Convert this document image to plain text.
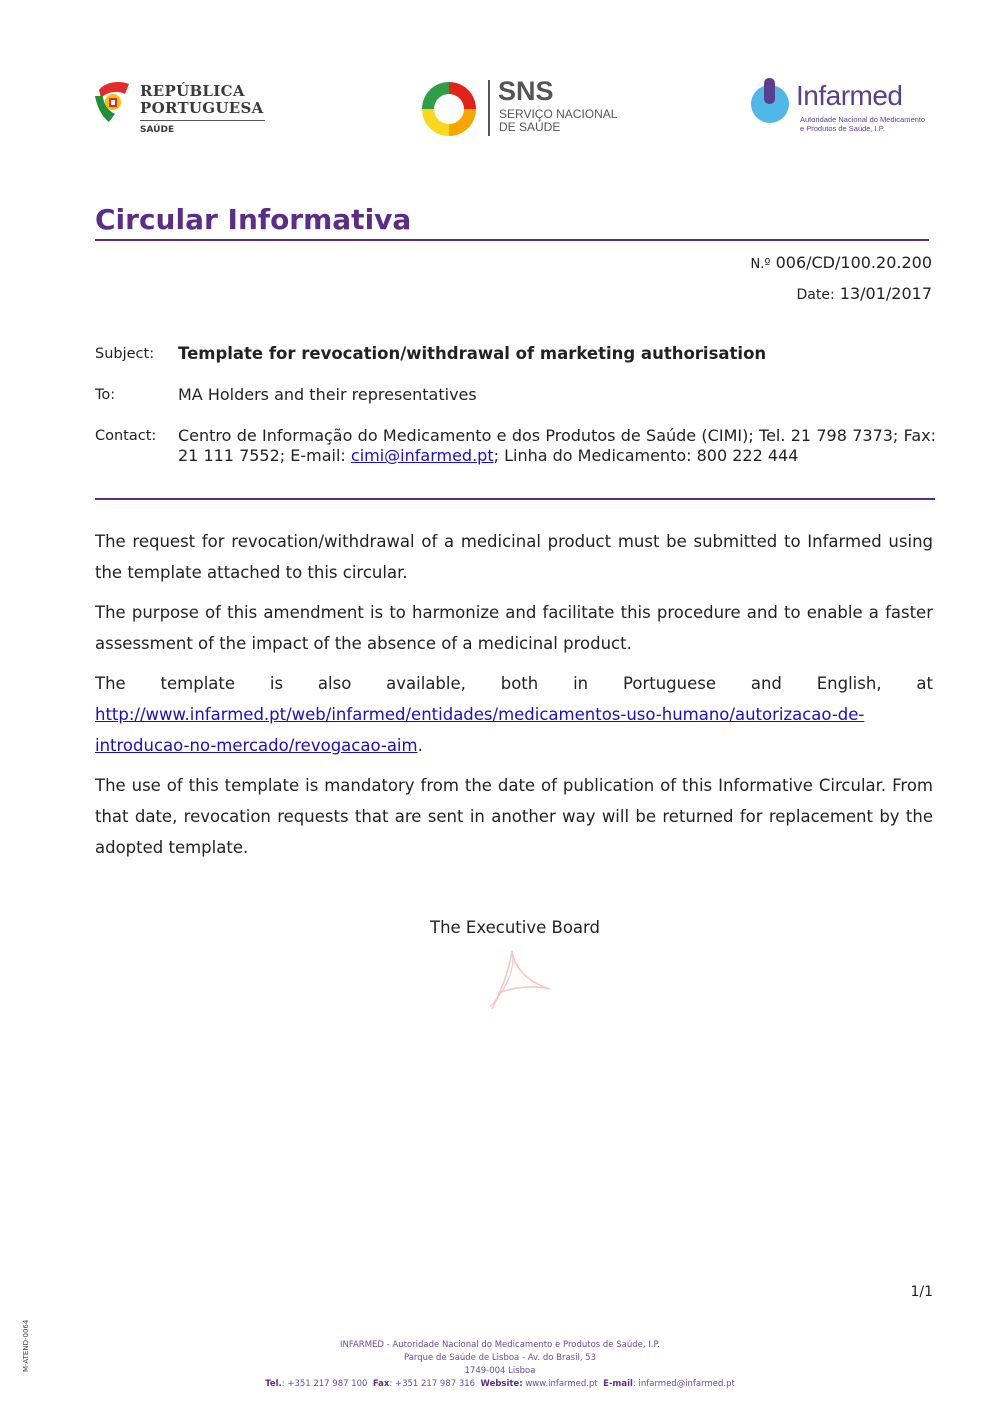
REPÚBLICA
PORTUGUESA
SAÚDE
SNS
SERVIÇO NACIONAL
DE SAÚDE
Infarmed
Autoridade Nacional do Medicamento
e Produtos de Saúde, I.P.
Circular Informativa
N.º 006/CD/100.20.200
Date: 13/01/2017
Subject: Template for revocation/withdrawal of marketing authorisation
To:	MA Holders and their representatives
Contact: Centro de Informação do Medicamento e dos Produtos de Saúde (CIMI); Tel. 21 798 7373; Fax: 21 111 7552; E-mail: cimi@infarmed.pt; Linha do Medicamento: 800 222 444
The request for revocation/withdrawal of a medicinal product must be submitted to Infarmed using the template attached to this circular.
The purpose of this amendment is to harmonize and facilitate this procedure and to enable a faster assessment of the impact of the absence of a medicinal product.
The template is also available, both in Portuguese and English, at
http://www.infarmed.pt/web/infarmed/entidades/medicamentos-uso-humano/autorizacao-de-introducao-no-mercado/revogacao-aim.
The use of this template is mandatory from the date of publication of this Informative Circular. From that date, revocation requests that are sent in another way will be returned for replacement by the adopted template.
The Executive Board
1/1
M-ATEND-0064	INFARMED - Autoridade Nacional do Medicamento e Produtos de Saúde, I.P.
Parque de Saúde de Lisboa - Av. do Brasil, 53
1749-004 Lisboa
Tel.: +351 217 987 100 Fax: +351 217 987 316 Website: www.infarmed.pt E-mail: infarmed@infarmed.pt
